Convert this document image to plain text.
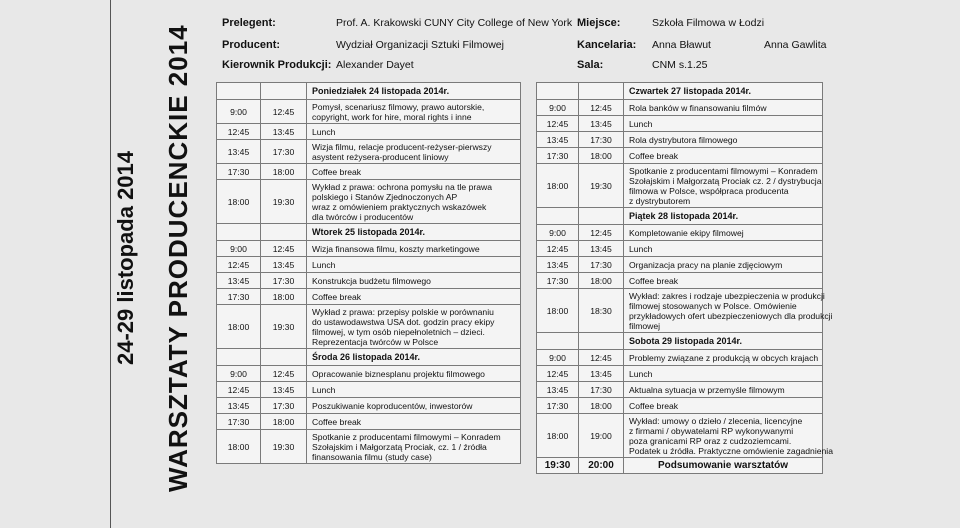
WARSZTATY PRODUCENCKIE 2014
24-29 listopada 2014
Prelegent:	Prof. A. Krakowski CUNY City College of New York Miejsce:	Szkoła Filmowa w Łodzi
Producent:	Wydział Organizacji Sztuki Filmowej	Kancelaria: Anna Bławut	Anna Gawlita
Kierownik Produkcji: Alexander Dayet	Sala:	CNM s.1.25
		Poniedziałek 24 listopada 2014r.
9:00	12:45	Pomysł, scenariusz filmowy, prawo autorskie,
copyright, work for hire, moral rights i inne

12:45	13:45	Lunch

13:45	17:30	Wizja filmu, relacje producent-reżyser-pierwszy
asystent reżysera-producent liniowy

17:30	18:00	Coffee break

18:00	19:30	Wykład z prawa: ochrona pomysłu na tle prawa
polskiego i Stanów Zjednoczonych AP
wraz z omówieniem praktycznych wskazówek
dla twórców i producentów

		Wtorek 25 listopada 2014r.
9:00	12:45	Wizja finansowa filmu, koszty marketingowe

12:45	13:45	Lunch

13:45	17:30	Konstrukcja budżetu filmowego

17:30	18:00	Coffee break

18:00	19:30	Wykład z prawa: przepisy polskie w porównaniu
do ustawodawstwa USA dot. godzin pracy ekipy
filmowej, w tym osób niepełnoletnich – dzieci.
Reprezentacja twórców w Polsce

		Środa 26 listopada 2014r.
9:00	12:45	Opracowanie biznesplanu projektu filmowego

12:45	13:45	Lunch

13:45	17:30	Poszukiwanie koproducentów, inwestorów

17:30	18:00	Coffee break

18:00	19:30	Spotkanie z producentami filmowymi – Konradem
Szołajskim i Małgorzatą Prociak, cz. 1 / źródła
finansowania filmu (study case)
		Czwartek 27 listopada 2014r.
9:00	12:45	Rola banków w finansowaniu filmów

12:45	13:45	Lunch

13:45	17:30	Rola dystrybutora filmowego

17:30	18:00	Coffee break

18:00	19:30	Spotkanie z producentami filmowymi – Konradem
Szołajskim i Małgorzatą Prociak cz. 2 / dystrybucja
filmowa w Polsce, współpraca producenta
z dystrybutorem

		Piątek 28 listopada 2014r.
9:00	12:45	Kompletowanie ekipy filmowej

12:45	13:45	Lunch

13:45	17:30	Organizacja pracy na planie zdjęciowym

17:30	18:00	Coffee break

18:00	18:30	Wykład: zakres i rodzaje ubezpieczenia w produkcji
filmowej stosowanych w Polsce. Omówienie
przykładowych ofert ubezpieczeniowych dla produkcji
filmowej

		Sobota 29 listopada 2014r.
9:00	12:45	Problemy związane z produkcją w obcych krajach

12:45	13:45	Lunch

13:45	17:30	Aktualna sytuacja w przemyśle filmowym

17:30	18:00	Coffee break

18:00	19:00	Wykład: umowy o dzieło / zlecenia, licencyjne
z firmami / obywatelami RP wykonywanymi
poza granicami RP oraz z cudzoziemcami.
Podatek u źródła. Praktyczne omówienie zagadnienia

19:30	20:00	Podsumowanie warsztatów
